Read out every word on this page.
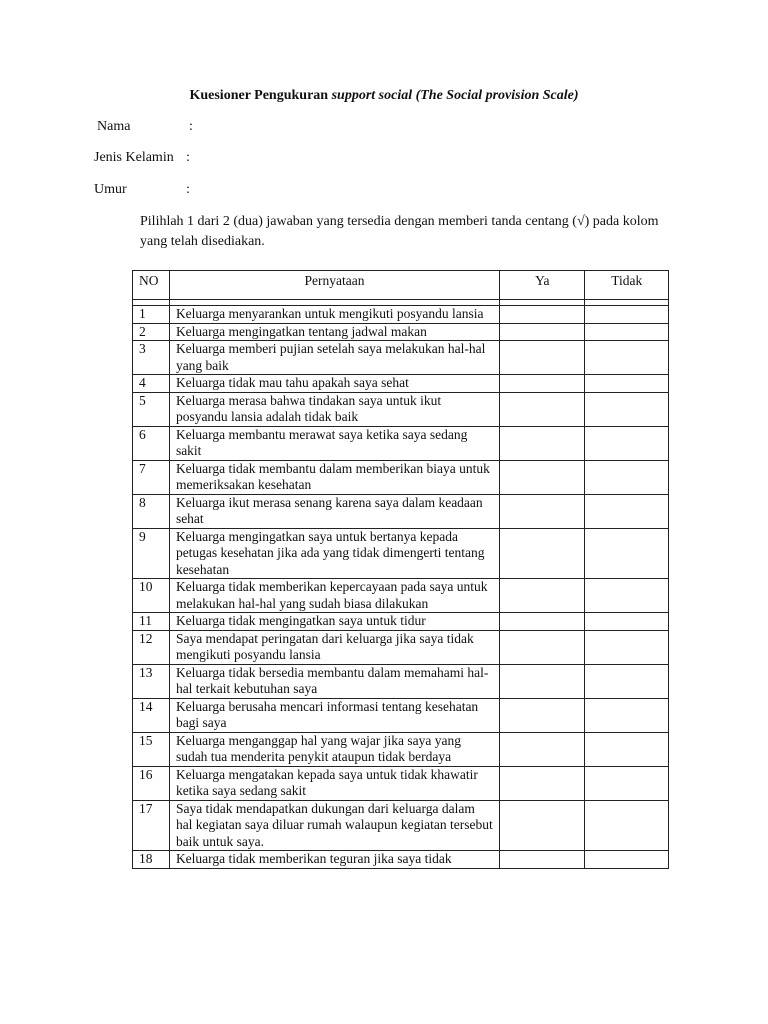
Kuesioner Pengukuran support social (The Social provision Scale)
Nama	:
Jenis Kelamin :
Umur	:
Pilihlah 1 dari 2 (dua) jawaban yang tersedia dengan memberi tanda centang (√) pada kolom yang telah disediakan.
NO	Pernyataan	Ya	Tidak

1	Keluarga menyarankan untuk mengikuti posyandu lansia		
2	Keluarga mengingatkan tentang jadwal makan		
3	Keluarga memberi pujian setelah saya melakukan hal-hal yang baik		
4	Keluarga tidak mau tahu apakah saya sehat		
5	Keluarga merasa bahwa tindakan saya untuk ikut posyandu lansia adalah tidak baik		
6	Keluarga membantu merawat saya ketika saya sedang sakit		
7	Keluarga tidak membantu dalam memberikan biaya untuk memeriksakan kesehatan		
8	Keluarga ikut merasa senang karena saya dalam keadaan sehat		
9	Keluarga mengingatkan saya untuk bertanya kepada petugas kesehatan jika ada yang tidak dimengerti tentang kesehatan		
10	Keluarga tidak memberikan kepercayaan pada saya untuk melakukan hal-hal yang sudah biasa dilakukan		
11	Keluarga tidak mengingatkan saya untuk tidur		
12	Saya mendapat peringatan dari keluarga jika saya tidak mengikuti posyandu lansia		
13	Keluarga tidak bersedia membantu dalam memahami hal-hal terkait kebutuhan saya		
14	Keluarga berusaha mencari informasi tentang kesehatan bagi saya		
15	Keluarga menganggap hal yang wajar jika saya yang sudah tua menderita penykit ataupun tidak berdaya		
16	Keluarga mengatakan kepada saya untuk tidak khawatir ketika saya sedang sakit		
17	Saya tidak mendapatkan dukungan dari keluarga dalam hal kegiatan saya diluar rumah walaupun kegiatan tersebut baik untuk saya.		
18	Keluarga tidak memberikan teguran jika saya tidak		
